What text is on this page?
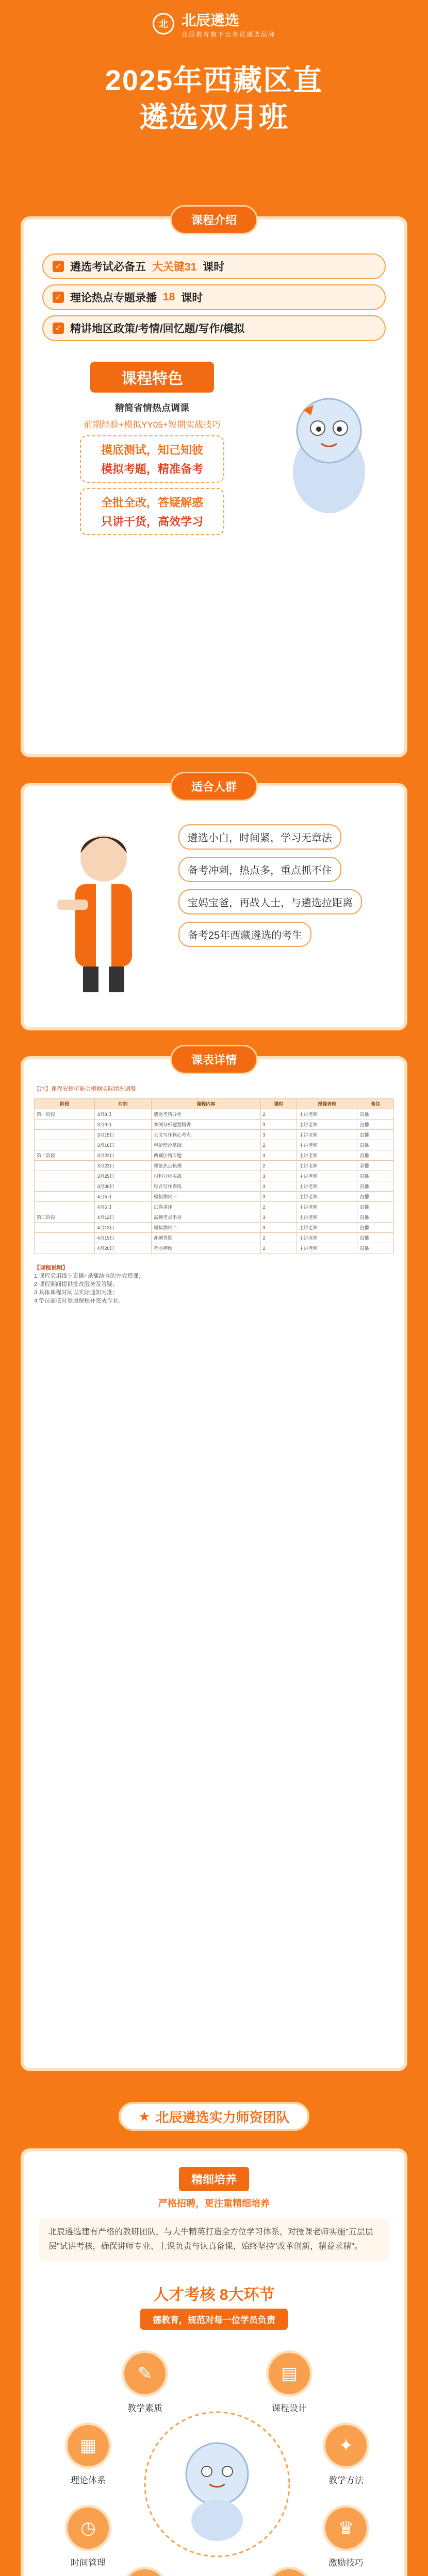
北 北辰遴选
北辰教育旗下公务员遴选品牌
2025年西藏区直
遴选双月班
课程介绍
✓ 遴选考试必备五 大关键31 课时
✓ 理论热点专题录播 18 课时
✓ 精讲地区政策/考情/回忆题/写作/模拟
课程特色
精简省情热点调课
前期经验+模拟YY05+短期实战技巧
摸底测试，知己知彼
模拟考题，精准备考
全批全改，答疑解惑
只讲干货，高效学习
适合人群
遴选小白，时间紧，学习无章法
备考冲刺，热点多，重点抓不住
宝妈宝爸，再战人士，与遴选拉距离
备考25年西藏遴选的考生
课表详情
【注】课程安排可能会根据实际情况调整
阶段	时间	课程内容	课时	授课老师	备注
第一阶段	3月8日	遴选考情分析	2	主讲老师	直播
	3月9日	案例分析题型精讲	3	主讲老师	直播
	3月15日	公文写作核心考点	3	主讲老师	直播
	3月16日	申论理论基础	2	主讲老师	直播
第二阶段	3月22日	西藏区情专题	3	主讲老师	直播
	3月23日	理论热点梳理	2	主讲老师	录播
	3月29日	材料分析实战	3	主讲老师	直播
	3月30日	综合写作训练	3	主讲老师	直播
	4月5日	模拟测试一	3	主讲老师	直播
	4月6日	试卷讲评	2	主讲老师	直播
第三阶段	4月12日	高频考点串讲	3	主讲老师	直播
	4月13日	模拟测试二	3	主讲老师	直播
	4月19日	冲刺答疑	2	主讲老师	直播
	4月20日	考前押题	2	主讲老师	直播
【课程说明】
1.课程采用线上直播+录播结合的方式授课；
2.课程期间提供批改服务及答疑；
3.具体课程时间以实际通知为准；
4.学员需按时参加课程并完成作业。
★ 北辰遴选实力师资团队
精细培养
严格招聘，更注重精细培养
北辰遴选建有严格的教研团队，与大牛精英打造全方位学习体系，对授课老师实施"五层层层"试讲考核，确保讲师专业、上课负责与认真备课，始终坚持"改革创新，精益求精"。
人才考核 8大环节
德教育，规范对每一位学员负责
✎
教学素质
▤
课程设计
▦
理论体系
✦
教学方法
◷
时间管理
♛
激励技巧
